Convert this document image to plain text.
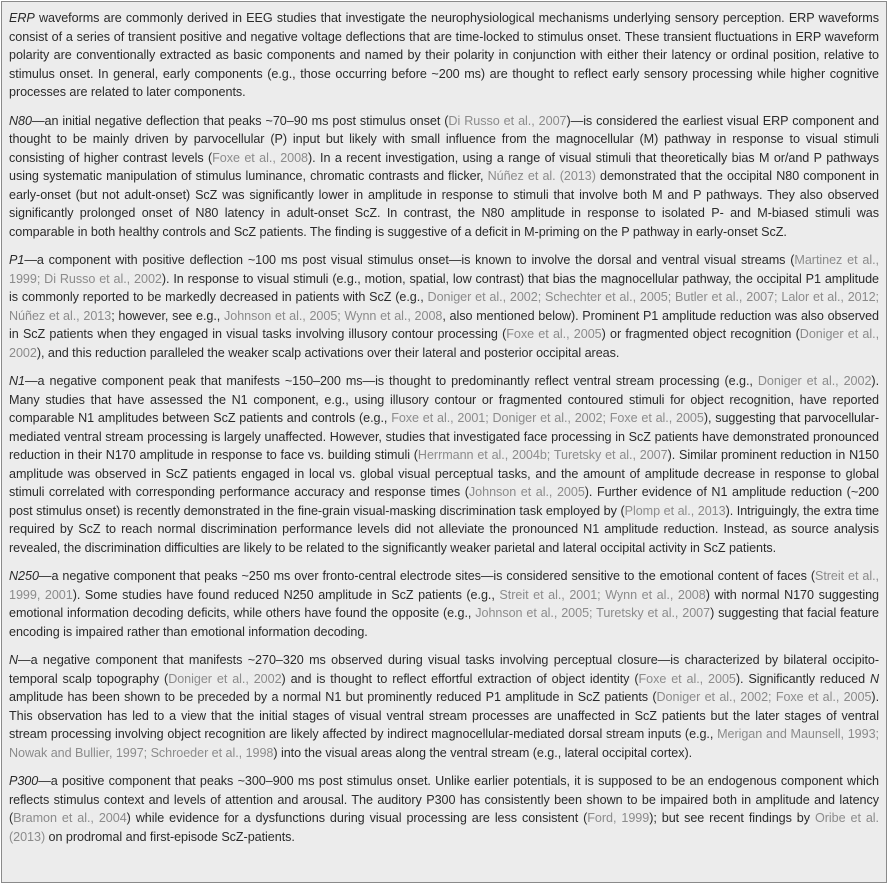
ERP waveforms are commonly derived in EEG studies that investigate the neurophysiological mechanisms underlying sensory perception. ERP waveforms consist of a series of transient positive and negative voltage deflections that are time-locked to stimulus onset. These transient fluctuations in ERP waveform polarity are conventionally extracted as basic components and named by their polarity in conjunction with either their latency or ordinal position, relative to stimulus onset. In general, early components (e.g., those occurring before ~200 ms) are thought to reflect early sensory processing while higher cognitive processes are related to later components.

N80—an initial negative deflection that peaks ~70–90 ms post stimulus onset (Di Russo et al., 2007)—is considered the earliest visual ERP component and thought to be mainly driven by parvocellular (P) input but likely with small influence from the magnocellular (M) pathway in response to visual stimuli consisting of higher contrast levels (Foxe et al., 2008). In a recent investigation, using a range of visual stimuli that theoretically bias M or/and P pathways using systematic manipulation of stimulus luminance, chromatic contrasts and flicker, Núñez et al. (2013) demonstrated that the occipital N80 component in early-onset (but not adult-onset) ScZ was significantly lower in amplitude in response to stimuli that involve both M and P pathways. They also observed significantly prolonged onset of N80 latency in adult-onset ScZ. In contrast, the N80 amplitude in response to isolated P- and M-biased stimuli was comparable in both healthy controls and ScZ patients. The finding is suggestive of a deficit in M-priming on the P pathway in early-onset ScZ.

P1—a component with positive deflection ~100 ms post visual stimulus onset—is known to involve the dorsal and ventral visual streams (Martinez et al., 1999; Di Russo et al., 2002). In response to visual stimuli (e.g., motion, spatial, low contrast) that bias the magnocellular pathway, the occipital P1 amplitude is commonly reported to be markedly decreased in patients with ScZ (e.g., Doniger et al., 2002; Schechter et al., 2005; Butler et al., 2007; Lalor et al., 2012; Núñez et al., 2013; however, see e.g., Johnson et al., 2005; Wynn et al., 2008, also mentioned below). Prominent P1 amplitude reduction was also observed in ScZ patients when they engaged in visual tasks involving illusory contour processing (Foxe et al., 2005) or fragmented object recognition (Doniger et al., 2002), and this reduction paralleled the weaker scalp activations over their lateral and posterior occipital areas.

N1—a negative component peak that manifests ~150–200 ms—is thought to predominantly reflect ventral stream processing (e.g., Doniger et al., 2002). Many studies that have assessed the N1 component, e.g., using illusory contour or fragmented contoured stimuli for object recognition, have reported comparable N1 amplitudes between ScZ patients and controls (e.g., Foxe et al., 2001; Doniger et al., 2002; Foxe et al., 2005), suggesting that parvocellular-mediated ventral stream processing is largely unaffected. However, studies that investigated face processing in ScZ patients have demonstrated pronounced reduction in their N170 amplitude in response to face vs. building stimuli (Herrmann et al., 2004b; Turetsky et al., 2007). Similar prominent reduction in N150 amplitude was observed in ScZ patients engaged in local vs. global visual perceptual tasks, and the amount of amplitude decrease in response to global stimuli correlated with corresponding performance accuracy and response times (Johnson et al., 2005). Further evidence of N1 amplitude reduction (~200 post stimulus onset) is recently demonstrated in the fine-grain visual-masking discrimination task employed by (Plomp et al., 2013). Intriguingly, the extra time required by ScZ to reach normal discrimination performance levels did not alleviate the pronounced N1 amplitude reduction. Instead, as source analysis revealed, the discrimination difficulties are likely to be related to the significantly weaker parietal and lateral occipital activity in ScZ patients.

N250—a negative component that peaks ~250 ms over fronto-central electrode sites—is considered sensitive to the emotional content of faces (Streit et al., 1999, 2001). Some studies have found reduced N250 amplitude in ScZ patients (e.g., Streit et al., 2001; Wynn et al., 2008) with normal N170 suggesting emotional information decoding deficits, while others have found the opposite (e.g., Johnson et al., 2005; Turetsky et al., 2007) suggesting that facial feature encoding is impaired rather than emotional information decoding.

N—a negative component that manifests ~270–320 ms observed during visual tasks involving perceptual closure—is characterized by bilateral occipito-temporal scalp topography (Doniger et al., 2002) and is thought to reflect effortful extraction of object identity (Foxe et al., 2005). Significantly reduced N amplitude has been shown to be preceded by a normal N1 but prominently reduced P1 amplitude in ScZ patients (Doniger et al., 2002; Foxe et al., 2005). This observation has led to a view that the initial stages of visual ventral stream processes are unaffected in ScZ patients but the later stages of ventral stream processing involving object recognition are likely affected by indirect magnocellular-mediated dorsal stream inputs (e.g., Merigan and Maunsell, 1993; Nowak and Bullier, 1997; Schroeder et al., 1998) into the visual areas along the ventral stream (e.g., lateral occipital cortex).

P300—a positive component that peaks ~300–900 ms post stimulus onset. Unlike earlier potentials, it is supposed to be an endogenous component which reflects stimulus context and levels of attention and arousal. The auditory P300 has consistently been shown to be impaired both in amplitude and latency (Bramon et al., 2004) while evidence for a dysfunctions during visual processing are less consistent (Ford, 1999); but see recent findings by Oribe et al. (2013) on prodromal and first-episode ScZ-patients.
